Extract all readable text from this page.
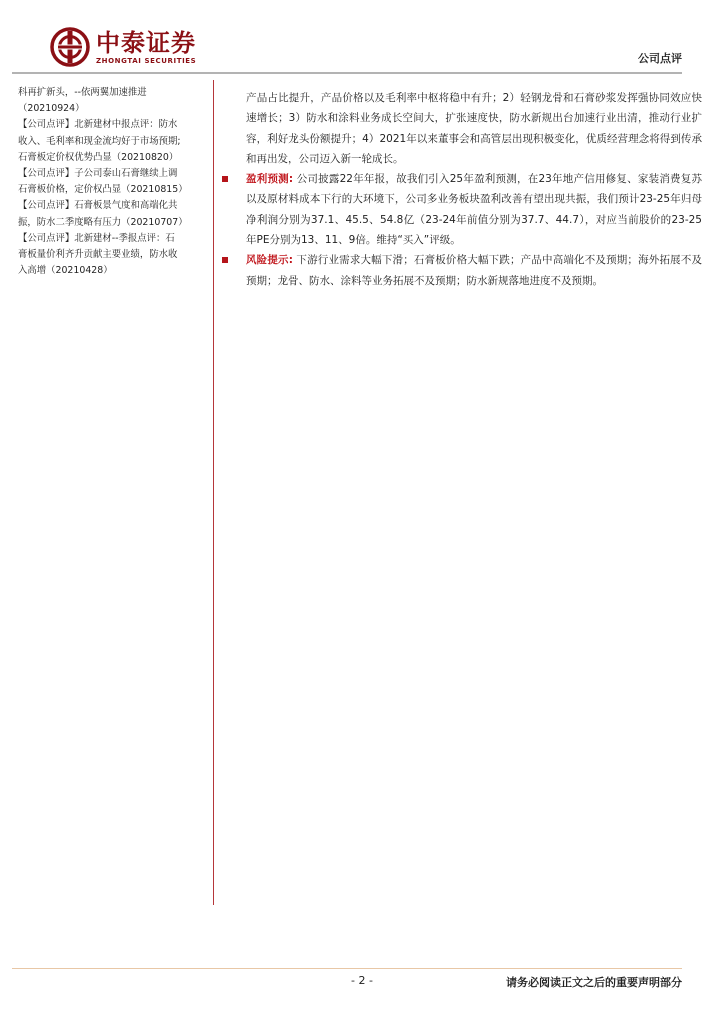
中泰证券
ZHONGTAI SECURITIES	公司点评

科再扩新头，--依两翼加速推进

（20210924）

【公司点评】北新建材中报点评：防水

收入、毛利率和现金流均好于市场预期;

石膏板定价权优势凸显（20210820）

【公司点评】子公司泰山石膏继续上调

石膏板价格，定价权凸显（20210815）

【公司点评】石膏板景气度和高端化共

振，防水二季度略有压力（20210707）

【公司点评】北新建材--季报点评：石

膏板量价利齐升贡献主要业绩，防水收

入高增（20210428）

产品占比提升，产品价格以及毛利率中枢将稳中有升；2）轻钢龙骨和石膏砂浆发挥强协同效应快速增长；3）防水和涂料业务成长空间大，扩张速度快，防水新规出台加速行业出清，推动行业扩容，利好龙头份额提升；4）2021年以来董事会和高管层出现积极变化，优质经营理念将得到传承和再出发，公司迈入新一轮成长。

盈利预测: 公司披露22年年报，故我们引入25年盈利预测，在23年地产信用修复、家装消费复苏以及原材料成本下行的大环境下，公司多业务板块盈利改善有望出现共振，我们预计23-25年归母净利润分别为37.1、45.5、54.8亿（23-24年前值分别为37.7、44.7），对应当前股价的23-25年PE分别为13、11、9倍。维持“买入”评级。
风险提示: 下游行业需求大幅下滑；石膏板价格大幅下跌；产品中高端化不及预期；海外拓展不及预期；龙骨、防水、涂料等业务拓展不及预期；防水新规落地进度不及预期。
- 2 -	请务必阅读正文之后的重要声明部分
